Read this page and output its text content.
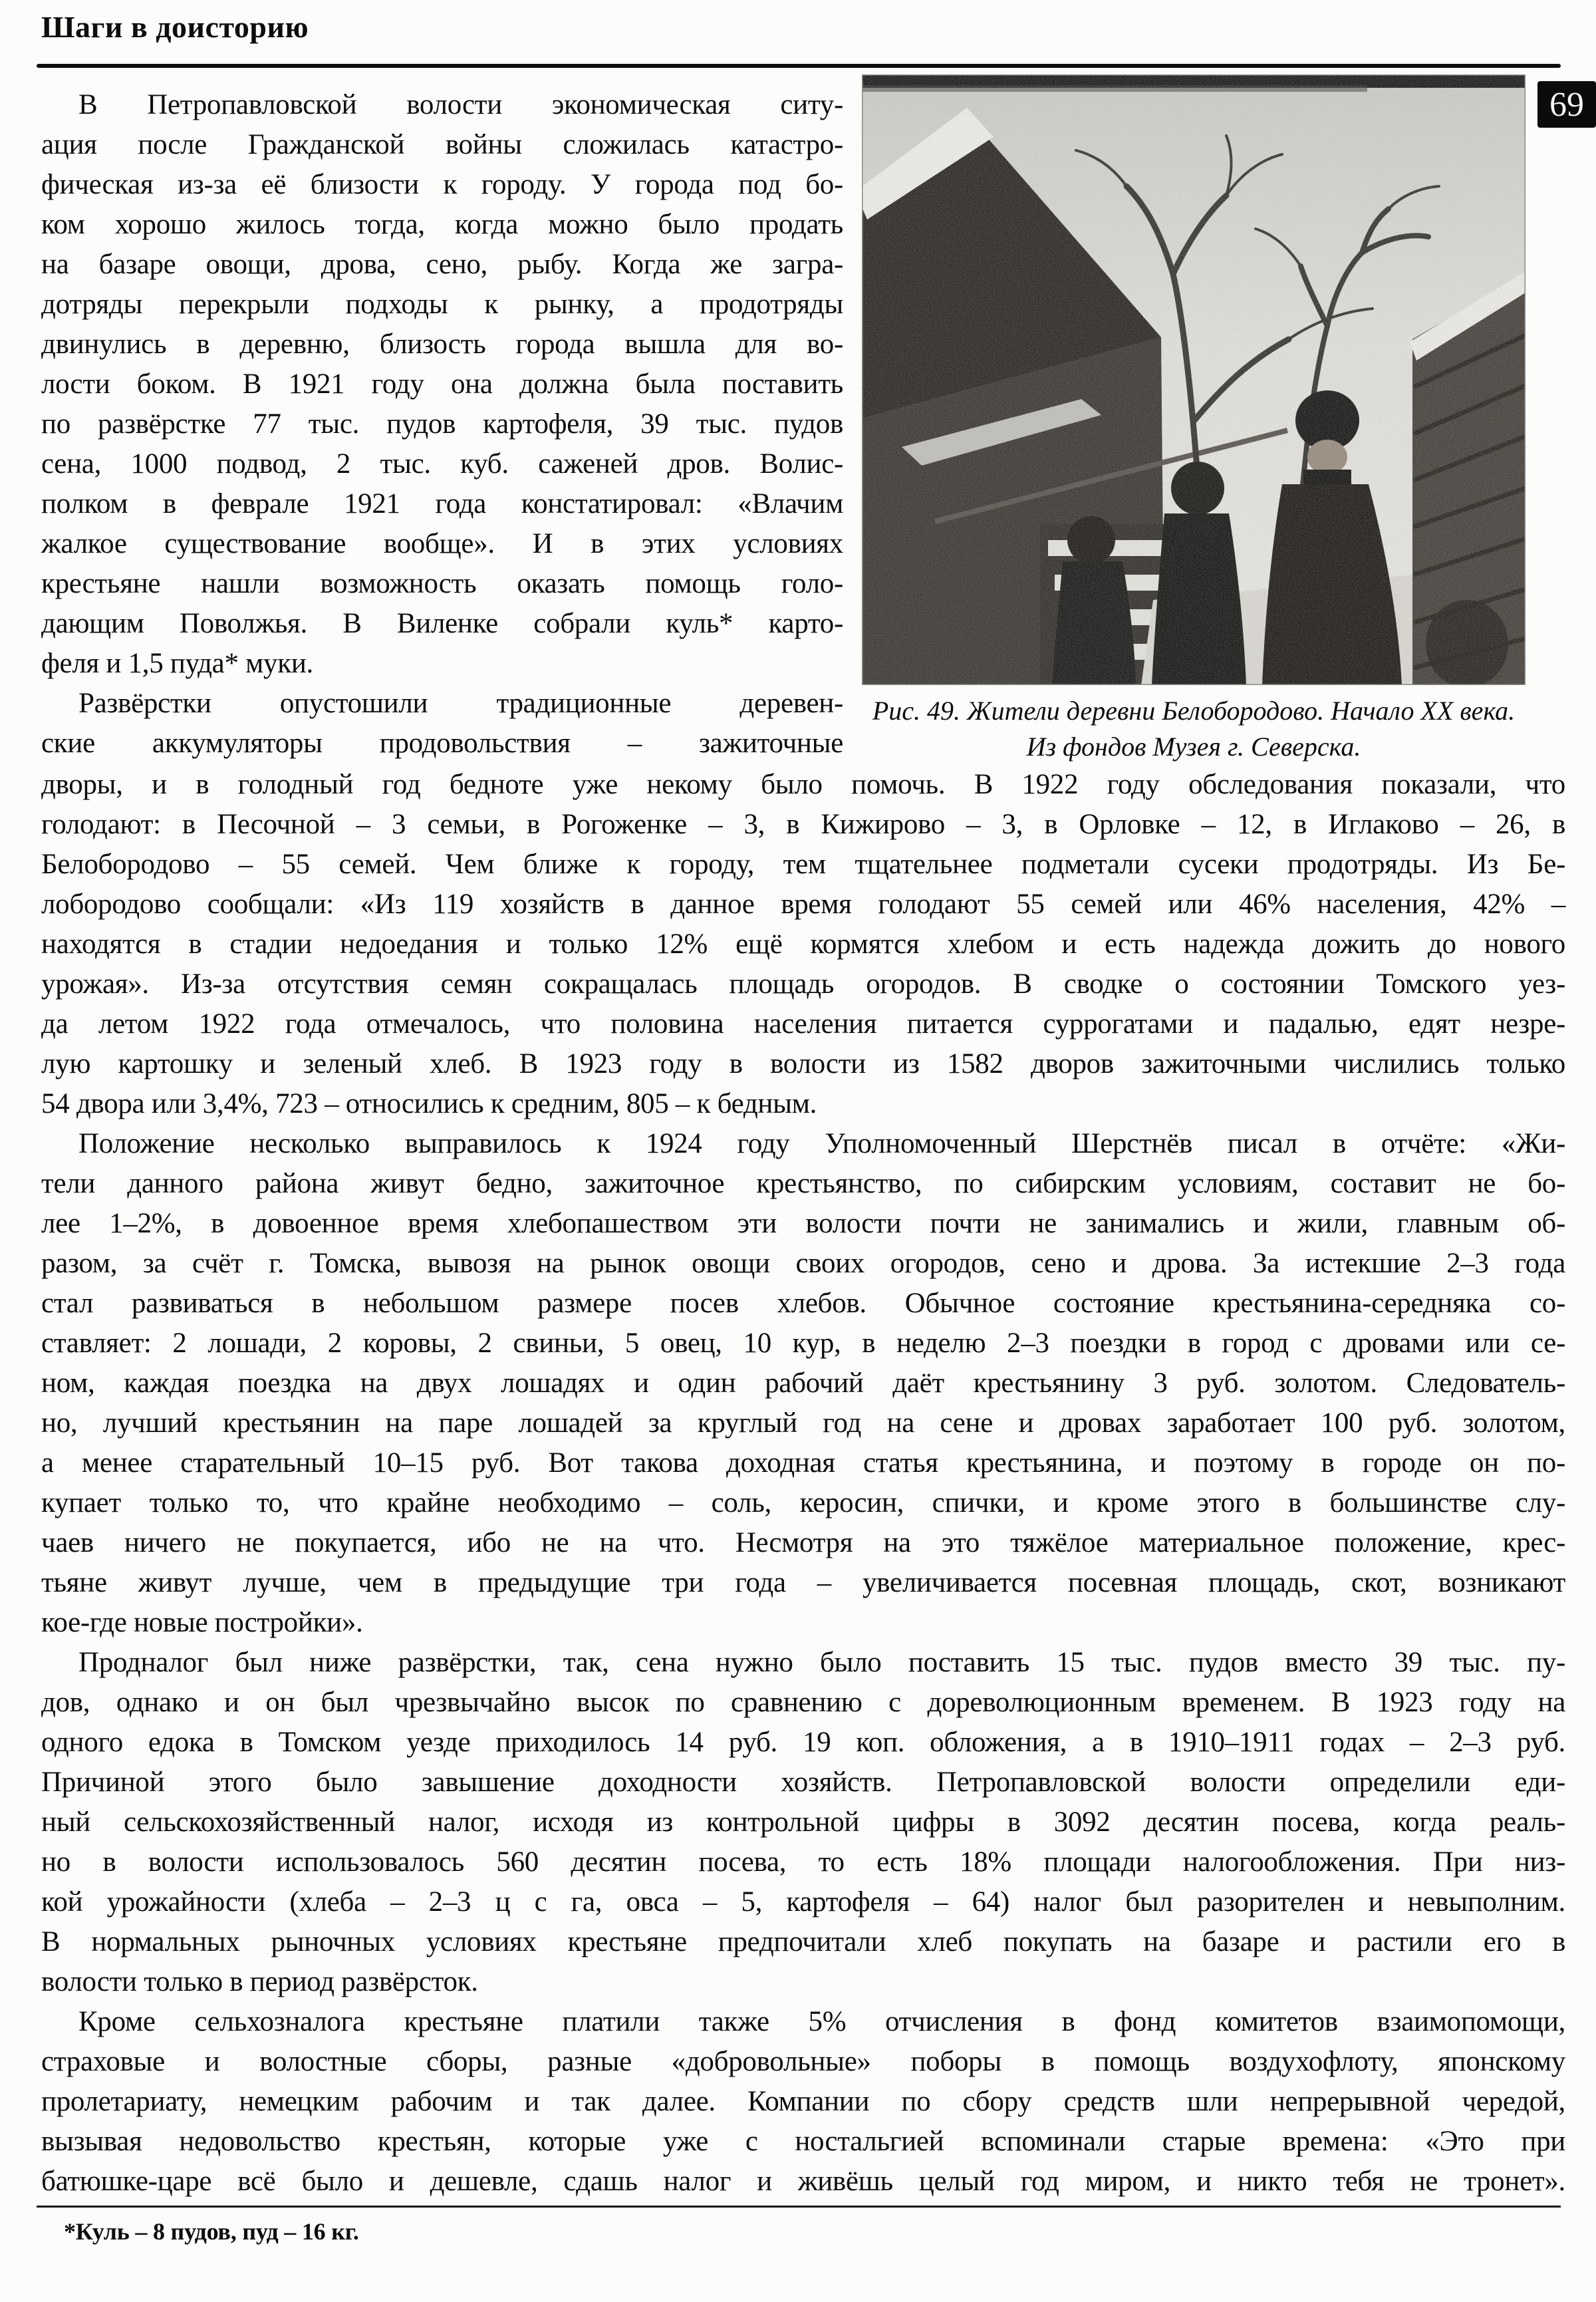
Шаги в доисторию
69
В Петропавловской волости экономическая ситу-
ация после Гражданской войны сложилась катастро-
фическая из-за её близости к городу. У города под бо-
ком хорошо жилось тогда, когда можно было продать
на базаре овощи, дрова, сено, рыбу. Когда же загра-
дотряды перекрыли подходы к рынку, а продотряды
двинулись в деревню, близость города вышла для во-
лости боком. В 1921 году она должна была поставить
по развёрстке 77 тыс. пудов картофеля, 39 тыс. пудов
сена, 1000 подвод, 2 тыс. куб. саженей дров. Волис-
полком в феврале 1921 года констатировал: «Влачим
жалкое существование вообще». И в этих условиях
крестьяне нашли возможность оказать помощь голо-
дающим Поволжья. В Виленке собрали куль* карто-
феля и 1,5 пуда* муки.
Развёрстки опустошили традиционные деревен-
ские аккумуляторы продовольствия – зажиточные
Рис. 49. Жители деревни Белобородово. Начало XX века.
Из фондов Музея г. Северска.
дворы, и в голодный год бедноте уже некому было помочь. В 1922 году обследования показали, что
голодают: в Песочной – 3 семьи, в Рогоженке – 3, в Кижирово – 3, в Орловке – 12, в Иглаково – 26, в
Белобородово – 55 семей. Чем ближе к городу, тем тщательнее подметали сусеки продотряды. Из Бе-
лобородово сообщали: «Из 119 хозяйств в данное время голодают 55 семей или 46% населения, 42% –
находятся в стадии недоедания и только 12% ещё кормятся хлебом и есть надежда дожить до нового
урожая». Из-за отсутствия семян сокращалась площадь огородов. В сводке о состоянии Томского уез-
да летом 1922 года отмечалось, что половина населения питается суррогатами и падалью, едят незре-
лую картошку и зеленый хлеб. В 1923 году в волости из 1582 дворов зажиточными числились только
54 двора или 3,4%, 723 – относились к средним, 805 – к бедным.
Положение несколько выправилось к 1924 году Уполномоченный Шерстнёв писал в отчёте: «Жи-
тели данного района живут бедно, зажиточное крестьянство, по сибирским условиям, составит не бо-
лее 1–2%, в довоенное время хлебопашеством эти волости почти не занимались и жили, главным об-
разом, за счёт г. Томска, вывозя на рынок овощи своих огородов, сено и дрова. За истекшие 2–3 года
стал развиваться в небольшом размере посев хлебов. Обычное состояние крестьянина-середняка со-
ставляет: 2 лошади, 2 коровы, 2 свиньи, 5 овец, 10 кур, в неделю 2–3 поездки в город с дровами или се-
ном, каждая поездка на двух лошадях и один рабочий даёт крестьянину 3 руб. золотом. Следователь-
но, лучший крестьянин на паре лошадей за круглый год на сене и дровах заработает 100 руб. золотом,
а менее старательный 10–15 руб. Вот такова доходная статья крестьянина, и поэтому в городе он по-
купает только то, что крайне необходимо – соль, керосин, спички, и кроме этого в большинстве слу-
чаев ничего не покупается, ибо не на что. Несмотря на это тяжёлое материальное положение, крес-
тьяне живут лучше, чем в предыдущие три года – увеличивается посевная площадь, скот, возникают
кое-где новые постройки».
Продналог был ниже развёрстки, так, сена нужно было поставить 15 тыс. пудов вместо 39 тыс. пу-
дов, однако и он был чрезвычайно высок по сравнению с дореволюционным временем. В 1923 году на
одного едока в Томском уезде приходилось 14 руб. 19 коп. обложения, а в 1910–1911 годах – 2–3 руб.
Причиной этого было завышение доходности хозяйств. Петропавловской волости определили еди-
ный сельскохозяйственный налог, исходя из контрольной цифры в 3092 десятин посева, когда реаль-
но в волости использовалось 560 десятин посева, то есть 18% площади налогообложения. При низ-
кой урожайности (хлеба – 2–3 ц с га, овса – 5, картофеля – 64) налог был разорителен и невыполним.
В нормальных рыночных условиях крестьяне предпочитали хлеб покупать на базаре и растили его в
волости только в период развёрсток.
Кроме сельхозналога крестьяне платили также 5% отчисления в фонд комитетов взаимопомощи,
страховые и волостные сборы, разные «добровольные» поборы в помощь воздухофлоту, японскому
пролетариату, немецким рабочим и так далее. Компании по сбору средств шли непрерывной чередой,
вызывая недовольство крестьян, которые уже с ностальгией вспоминали старые времена: «Это при
батюшке-царе всё было и дешевле, сдашь налог и живёшь целый год миром, и никто тебя не тронет».
*Куль – 8 пудов, пуд – 16 кг.
